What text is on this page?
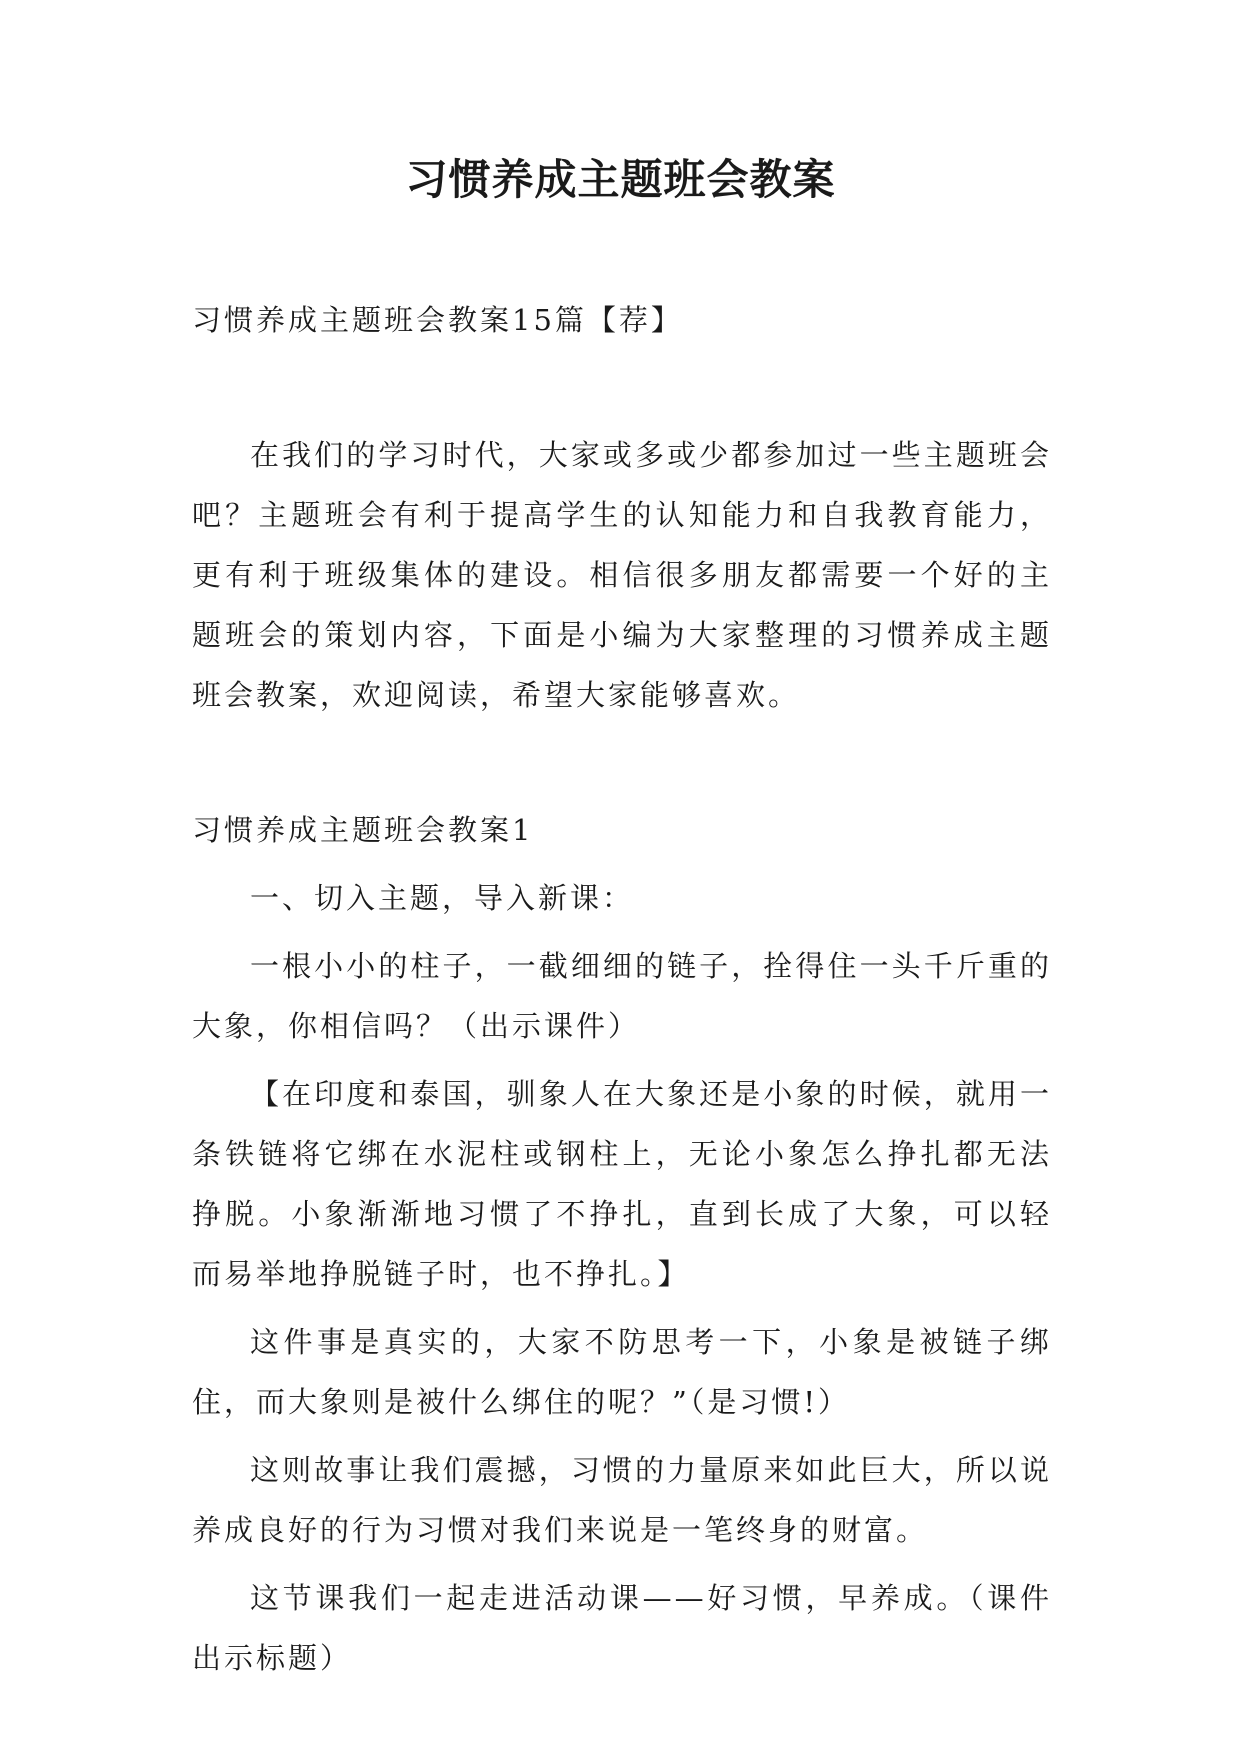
习惯养成主题班会教案

习惯养成主题班会教案15篇【荐】

在我们的学习时代，大家或多或少都参加过一些主题班会吧？主题班会有利于提高学生的认知能力和自我教育能力，更有利于班级集体的建设。相信很多朋友都需要一个好的主题班会的策划内容，下面是小编为大家整理的习惯养成主题班会教案，欢迎阅读，希望大家能够喜欢。

习惯养成主题班会教案1

一、切入主题，导入新课：

一根小小的柱子，一截细细的链子，拴得住一头千斤重的大象，你相信吗？（出示课件）

【在印度和泰国，驯象人在大象还是小象的时候，就用一条铁链将它绑在水泥柱或钢柱上，无论小象怎么挣扎都无法挣脱。小象渐渐地习惯了不挣扎，直到长成了大象，可以轻而易举地挣脱链子时，也不挣扎。】

这件事是真实的，大家不防思考一下，小象是被链子绑住，而大象则是被什么绑住的呢？”（是习惯!）

这则故事让我们震撼，习惯的力量原来如此巨大，所以说养成良好的行为习惯对我们来说是一笔终身的财富。

这节课我们一起走进活动课——好习惯，早养成。（课件出示标题）
